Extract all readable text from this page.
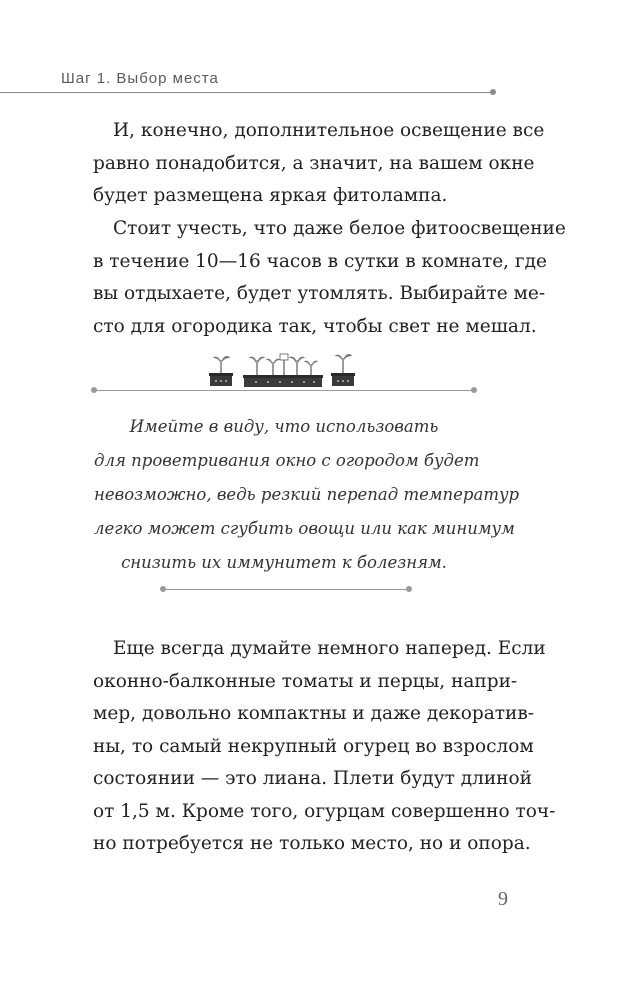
Шаг 1. Выбор места

И, конечно, дополнительное освещение все
равно понадобится, а значит, на вашем окне
будет размещена яркая фитолампа.

Стоит учесть, что даже белое фитоосвещение
в течение 10—16 часов в сутки в комнате, где
вы отдыхаете, будет утомлять. Выбирайте ме-
сто для огородика так, чтобы свет не мешал.

Имейте в виду, что использовать
для проветривания окно с огородом будет
невозможно, ведь резкий перепад температур
легко может сгубить овощи или как минимум
снизить их иммунитет к болезням.

Еще всегда думайте немного наперед. Если
оконно-балконные томаты и перцы, напри-
мер, довольно компактны и даже декоратив-
ны, то самый некрупный огурец во взрослом
состоянии — это лиана. Плети будут длиной
от 1,5 м. Кроме того, огурцам совершенно точ-
но потребуется не только место, но и опора.

9
